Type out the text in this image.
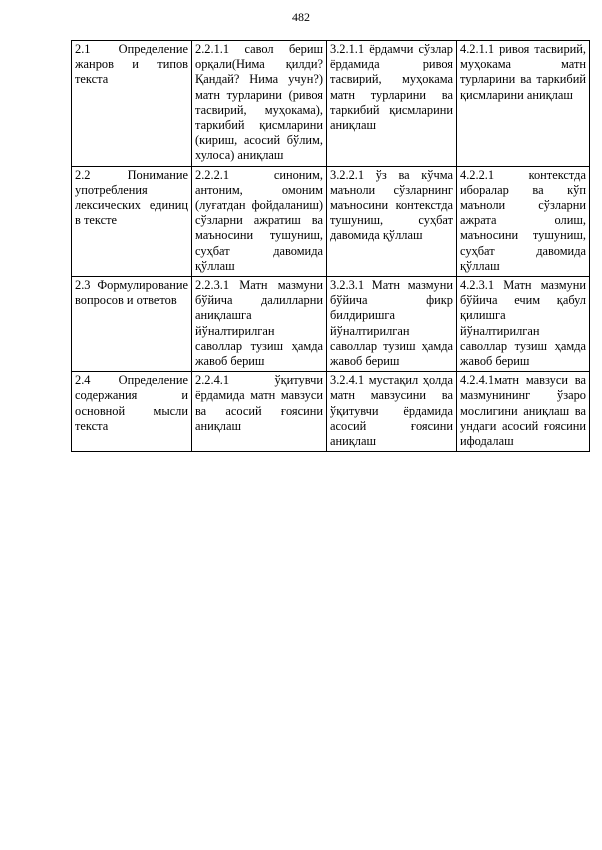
482
2.1 Определение жанров и типов текста	2.2.1.1 савол бериш орқали(Нима қилди? Қандай? Нима учун?) матн турларини (ривоя тасвирий, муҳокама), таркибий қисмларини (кириш, асосий бўлим, хулоса) аниқлаш	3.2.1.1 ёрдамчи сўзлар ёрдамида ривоя тасвирий, муҳокама матн турларини ва таркибий қисмларини аниқлаш	4.2.1.1 ривоя тасвирий, муҳокама матн турларини ва таркибий қисмларини аниқлаш
2.2 Понимание употребления лексических единиц в тексте	2.2.2.1 синоним, антоним, омоним (луғатдан фойдаланиш) сўзларни ажратиш ва маъносини тушуниш, суҳбат давомида қўллаш	3.2.2.1 ўз ва кўчма маъноли сўзларнинг маъносини контекстда тушуниш, суҳбат давомида қўллаш	4.2.2.1 контекстда иборалар ва кўп маъноли сўзларни ажрата олиш, маъносини тушуниш, суҳбат давомида қўллаш
2.3 Формулирование вопросов и ответов	2.2.3.1 Матн мазмуни бўйича далилларни аниқлашга йўналтирилган саволлар тузиш ҳамда жавоб бериш	3.2.3.1 Матн мазмуни бўйича фикр билдиришга йўналтирилган саволлар тузиш ҳамда жавоб бериш	4.2.3.1 Матн мазмуни бўйича ечим қабул қилишга йўналтирилган саволлар тузиш ҳамда жавоб бериш
2.4 Определение содержания и основной мысли текста	2.2.4.1 ўқитувчи ёрдамида матн мавзуси ва асосий ғоясини аниқлаш	3.2.4.1 мустақил ҳолда матн мавзусини ва ўқитувчи ёрдамида асосий ғоясини аниқлаш	4.2.4.1матн мавзуси ва мазмунининг ўзаро мослигини аниқлаш ва ундаги асосий ғоясини ифодалаш
